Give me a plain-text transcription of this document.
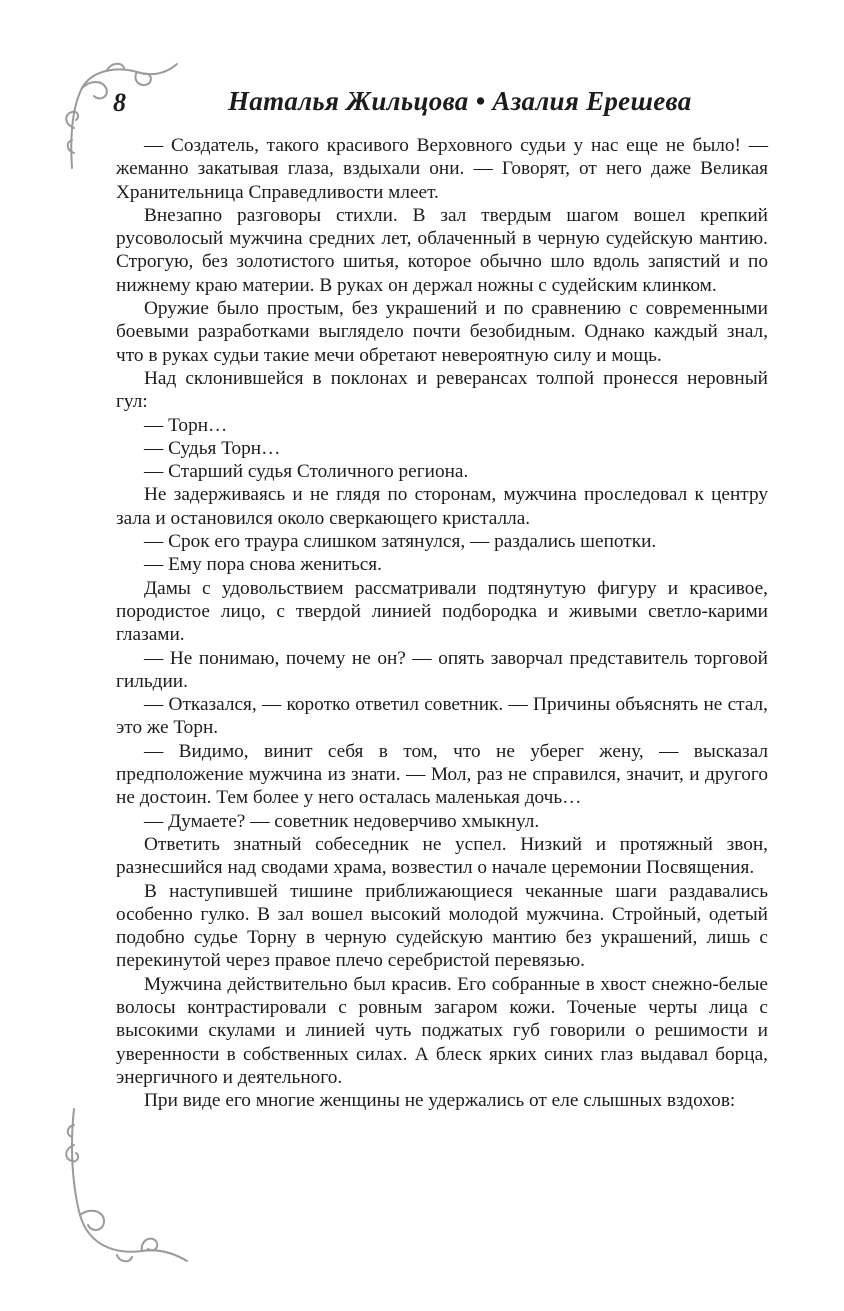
8	Наталья Жильцова • Азалия Ерешева

— Создатель, такого красивого Верховного судьи у нас еще не было! — жеманно закатывая глаза, вздыхали они. — Говорят, от него даже Великая Хранительница Справедливости млеет.

Внезапно разговоры стихли. В зал твердым шагом вошел крепкий русоволосый мужчина средних лет, облаченный в черную судейскую мантию. Строгую, без золотистого шитья, которое обычно шло вдоль запястий и по нижнему краю материи. В руках он держал ножны с судейским клинком.

Оружие было простым, без украшений и по сравнению с современными боевыми разработками выглядело почти безобидным. Однако каждый знал, что в руках судьи такие мечи обретают невероятную силу и мощь.

Над склонившейся в поклонах и реверансах толпой пронесся неровный гул:

— Торн…

— Судья Торн…

— Старший судья Столичного региона.

Не задерживаясь и не глядя по сторонам, мужчина проследовал к центру зала и остановился около сверкающего кристалла.

— Срок его траура слишком затянулся, — раздались шепотки.

— Ему пора снова жениться.

Дамы с удовольствием рассматривали подтянутую фигуру и красивое, породистое лицо, с твердой линией подбородка и живыми светло-карими глазами.

— Не понимаю, почему не он? — опять заворчал представитель торговой гильдии.

— Отказался, — коротко ответил советник. — Причины объяснять не стал, это же Торн.

— Видимо, винит себя в том, что не уберег жену, — высказал предположение мужчина из знати. — Мол, раз не справился, значит, и другого не достоин. Тем более у него осталась маленькая дочь…

— Думаете? — советник недоверчиво хмыкнул.

Ответить знатный собеседник не успел. Низкий и протяжный звон, разнесшийся над сводами храма, возвестил о начале церемонии Посвящения.

В наступившей тишине приближающиеся чеканные шаги раздавались особенно гулко. В зал вошел высокий молодой мужчина. Стройный, одетый подобно судье Торну в черную судейскую мантию без украшений, лишь с перекинутой через правое плечо серебристой перевязью.

Мужчина действительно был красив. Его собранные в хвост снежно-белые волосы контрастировали с ровным загаром кожи. Точеные черты лица с высокими скулами и линией чуть поджатых губ говорили о решимости и уверенности в собственных силах. А блеск ярких синих глаз выдавал борца, энергичного и деятельного.

При виде его многие женщины не удержались от еле слышных вздохов:
